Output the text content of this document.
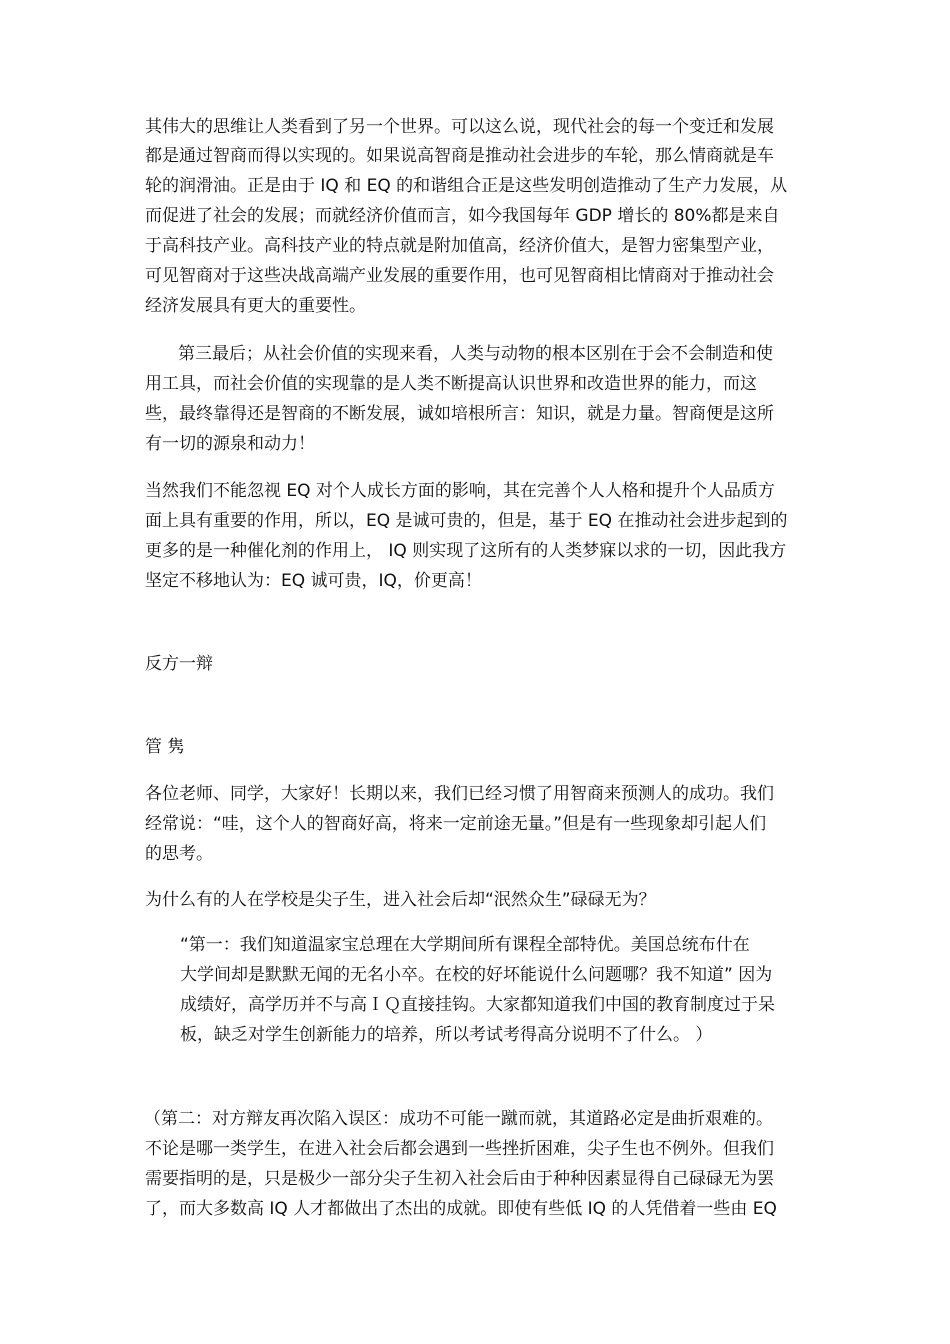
其伟大的思维让人类看到了另一个世界。可以这么说，现代社会的每一个变迁和发展
都是通过智商而得以实现的。如果说高智商是推动社会进步的车轮，那么情商就是车
轮的润滑油。正是由于 IQ 和 EQ 的和谐组合正是这些发明创造推动了生产力发展，从
而促进了社会的发展；而就经济价值而言，如今我国每年 GDP 增长的 80%都是来自
于高科技产业。高科技产业的特点就是附加值高，经济价值大，是智力密集型产业，
可见智商对于这些决战高端产业发展的重要作用，也可见智商相比情商对于推动社会
经济发展具有更大的重要性。
第三最后；从社会价值的实现来看，人类与动物的根本区别在于会不会制造和使
用工具，而社会价值的实现靠的是人类不断提高认识世界和改造世界的能力，而这
些，最终靠得还是智商的不断发展，诚如培根所言：知识，就是力量。智商便是这所
有一切的源泉和动力！
当然我们不能忽视 EQ 对个人成长方面的影响，其在完善个人人格和提升个人品质方
面上具有重要的作用，所以，EQ 是诚可贵的，但是，基于 EQ 在推动社会进步起到的
更多的是一种催化剂的作用上， IQ 则实现了这所有的人类梦寐以求的一切，因此我方
坚定不移地认为：EQ 诚可贵，IQ，价更高！
反方一辩
管 隽
各位老师、同学，大家好！长期以来，我们已经习惯了用智商来预测人的成功。我们
经常说：“哇，这个人的智商好高，将来一定前途无量。”但是有一些现象却引起人们
的思考。
为什么有的人在学校是尖子生，进入社会后却“泯然众生”碌碌无为？
“第一：我们知道温家宝总理在大学期间所有课程全部特优。美国总统布什在
大学间却是默默无闻的无名小卒。在校的好坏能说什么问题哪？我不知道” 因为
成绩好，高学历并不与高ＩＱ直接挂钩。大家都知道我们中国的教育制度过于呆
板，缺乏对学生创新能力的培养，所以考试考得高分说明不了什么。 ）
（第二：对方辩友再次陷入误区：成功不可能一蹴而就，其道路必定是曲折艰难的。
不论是哪一类学生，在进入社会后都会遇到一些挫折困难，尖子生也不例外。但我们
需要指明的是，只是极少一部分尖子生初入社会后由于种种因素显得自己碌碌无为罢
了，而大多数高 IQ 人才都做出了杰出的成就。即使有些低 IQ 的人凭借着一些由 EQ
